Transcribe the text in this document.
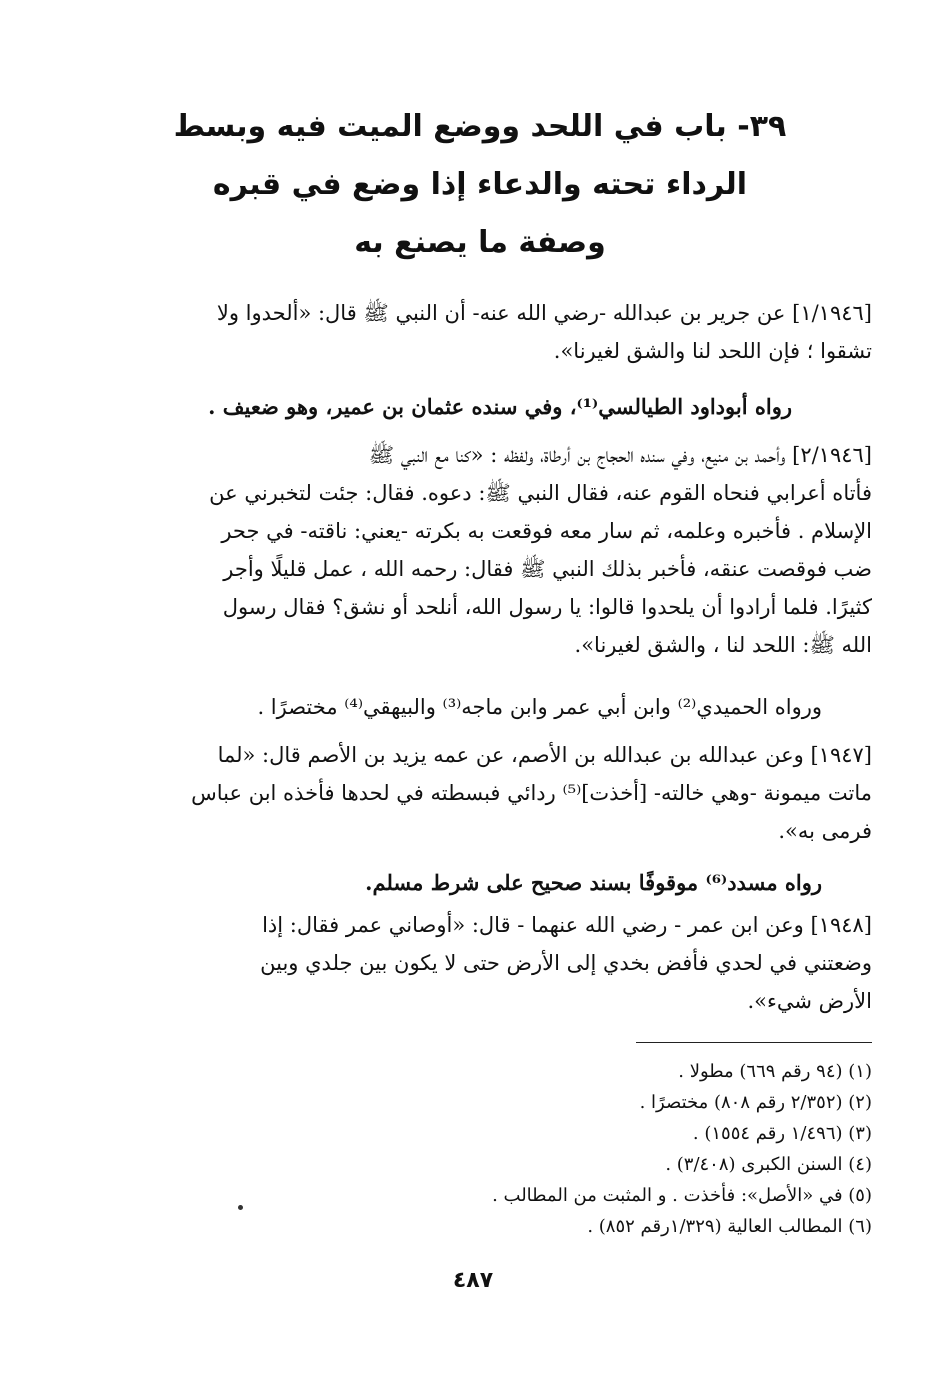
٣٩- باب في اللحد ووضع الميت فيه وبسط
الرداء تحته والدعاء إذا وضع في قبره
وصفة ما يصنع به

[١/١٩٤٦] عن جرير بن عبدالله -رضي الله عنه- أن النبي ﷺ قال: «ألحدوا ولا

تشقوا ؛ فإن اللحد لنا والشق لغيرنا».

رواه أبوداود الطيالسي⁽¹⁾، وفي سنده عثمان بن عمير، وهو ضعيف .

[٢/١٩٤٦] وأحمد بن منيع، وفي سنده الحجاج بن أرطاة، ولفظه : «كنا مع النبي ﷺ

فأتاه أعرابي فنحاه القوم عنه، فقال النبي ﷺ: دعوه. فقال: جئت لتخبرني عن

الإسلام . فأخبره وعلمه، ثم سار معه فوقعت به بكرته -يعني: ناقته- في جحر

ضب فوقصت عنقه، فأخبر بذلك النبي ﷺ فقال: رحمه الله ، عمل قليلًا وأجر

كثيرًا. فلما أرادوا أن يلحدوا قالوا: يا رسول الله، أنلحد أو نشق؟ فقال رسول

الله ﷺ: اللحد لنا ، والشق لغيرنا».

ورواه الحميدي⁽²⁾ وابن أبي عمر وابن ماجه⁽³⁾ والبيهقي⁽⁴⁾ مختصرًا .

[١٩٤٧] وعن عبدالله بن عبدالله بن الأصم، عن عمه يزيد بن الأصم قال: «لما

ماتت ميمونة -وهي خالته- [أخذت]⁽⁵⁾ ردائي فبسطته في لحدها فأخذه ابن عباس

فرمى به».

رواه مسدد⁽⁶⁾ موقوفًا بسند صحيح على شرط مسلم.

[١٩٤٨] وعن ابن عمر - رضي الله عنهما - قال: «أوصاني عمر فقال: إذا

وضعتني في لحدي فأفض بخدي إلى الأرض حتى لا يكون بين جلدي وبين

الأرض شيء».

(١) (٩٤ رقم ٦٦٩) مطولا .
(٢) (٢/٣٥٢ رقم ٨٠٨) مختصرًا .
(٣) (١/٤٩٦ رقم ١٥٥٤) .
(٤) السنن الكبرى (٣/٤٠٨) .
(٥) في «الأصل»: فأخذت . و المثبت من المطالب .
(٦) المطالب العالية (١/٣٢٩رقم ٨٥٢) .
٤٨٧
